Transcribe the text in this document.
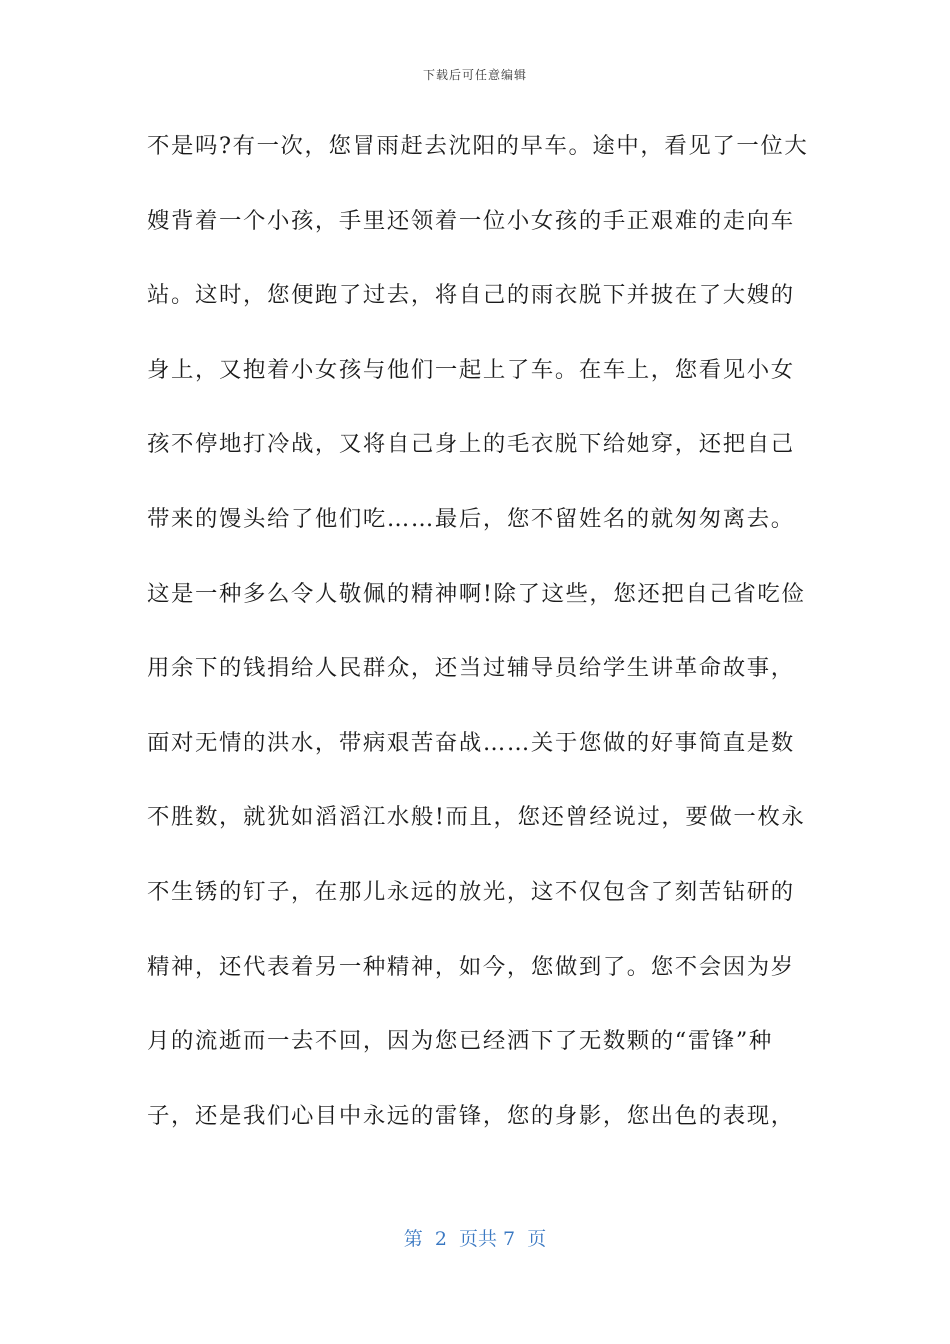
下载后可任意编辑
不是吗?有一次，您冒雨赶去沈阳的早车。途中，看见了一位大
嫂背着一个小孩，手里还领着一位小女孩的手正艰难的走向车
站。这时，您便跑了过去，将自己的雨衣脱下并披在了大嫂的
身上，又抱着小女孩与他们一起上了车。在车上，您看见小女
孩不停地打冷战，又将自己身上的毛衣脱下给她穿，还把自己
带来的馒头给了他们吃……最后，您不留姓名的就匆匆离去。
这是一种多么令人敬佩的精神啊!除了这些，您还把自己省吃俭
用余下的钱捐给人民群众，还当过辅导员给学生讲革命故事，
面对无情的洪水，带病艰苦奋战……关于您做的好事简直是数
不胜数，就犹如滔滔江水般!而且，您还曾经说过，要做一枚永
不生锈的钉子，在那儿永远的放光，这不仅包含了刻苦钻研的
精神，还代表着另一种精神，如今，您做到了。您不会因为岁
月的流逝而一去不回，因为您已经洒下了无数颗的“雷锋”种
子，还是我们心目中永远的雷锋，您的身影，您出色的表现，
第  2  页共 7  页
